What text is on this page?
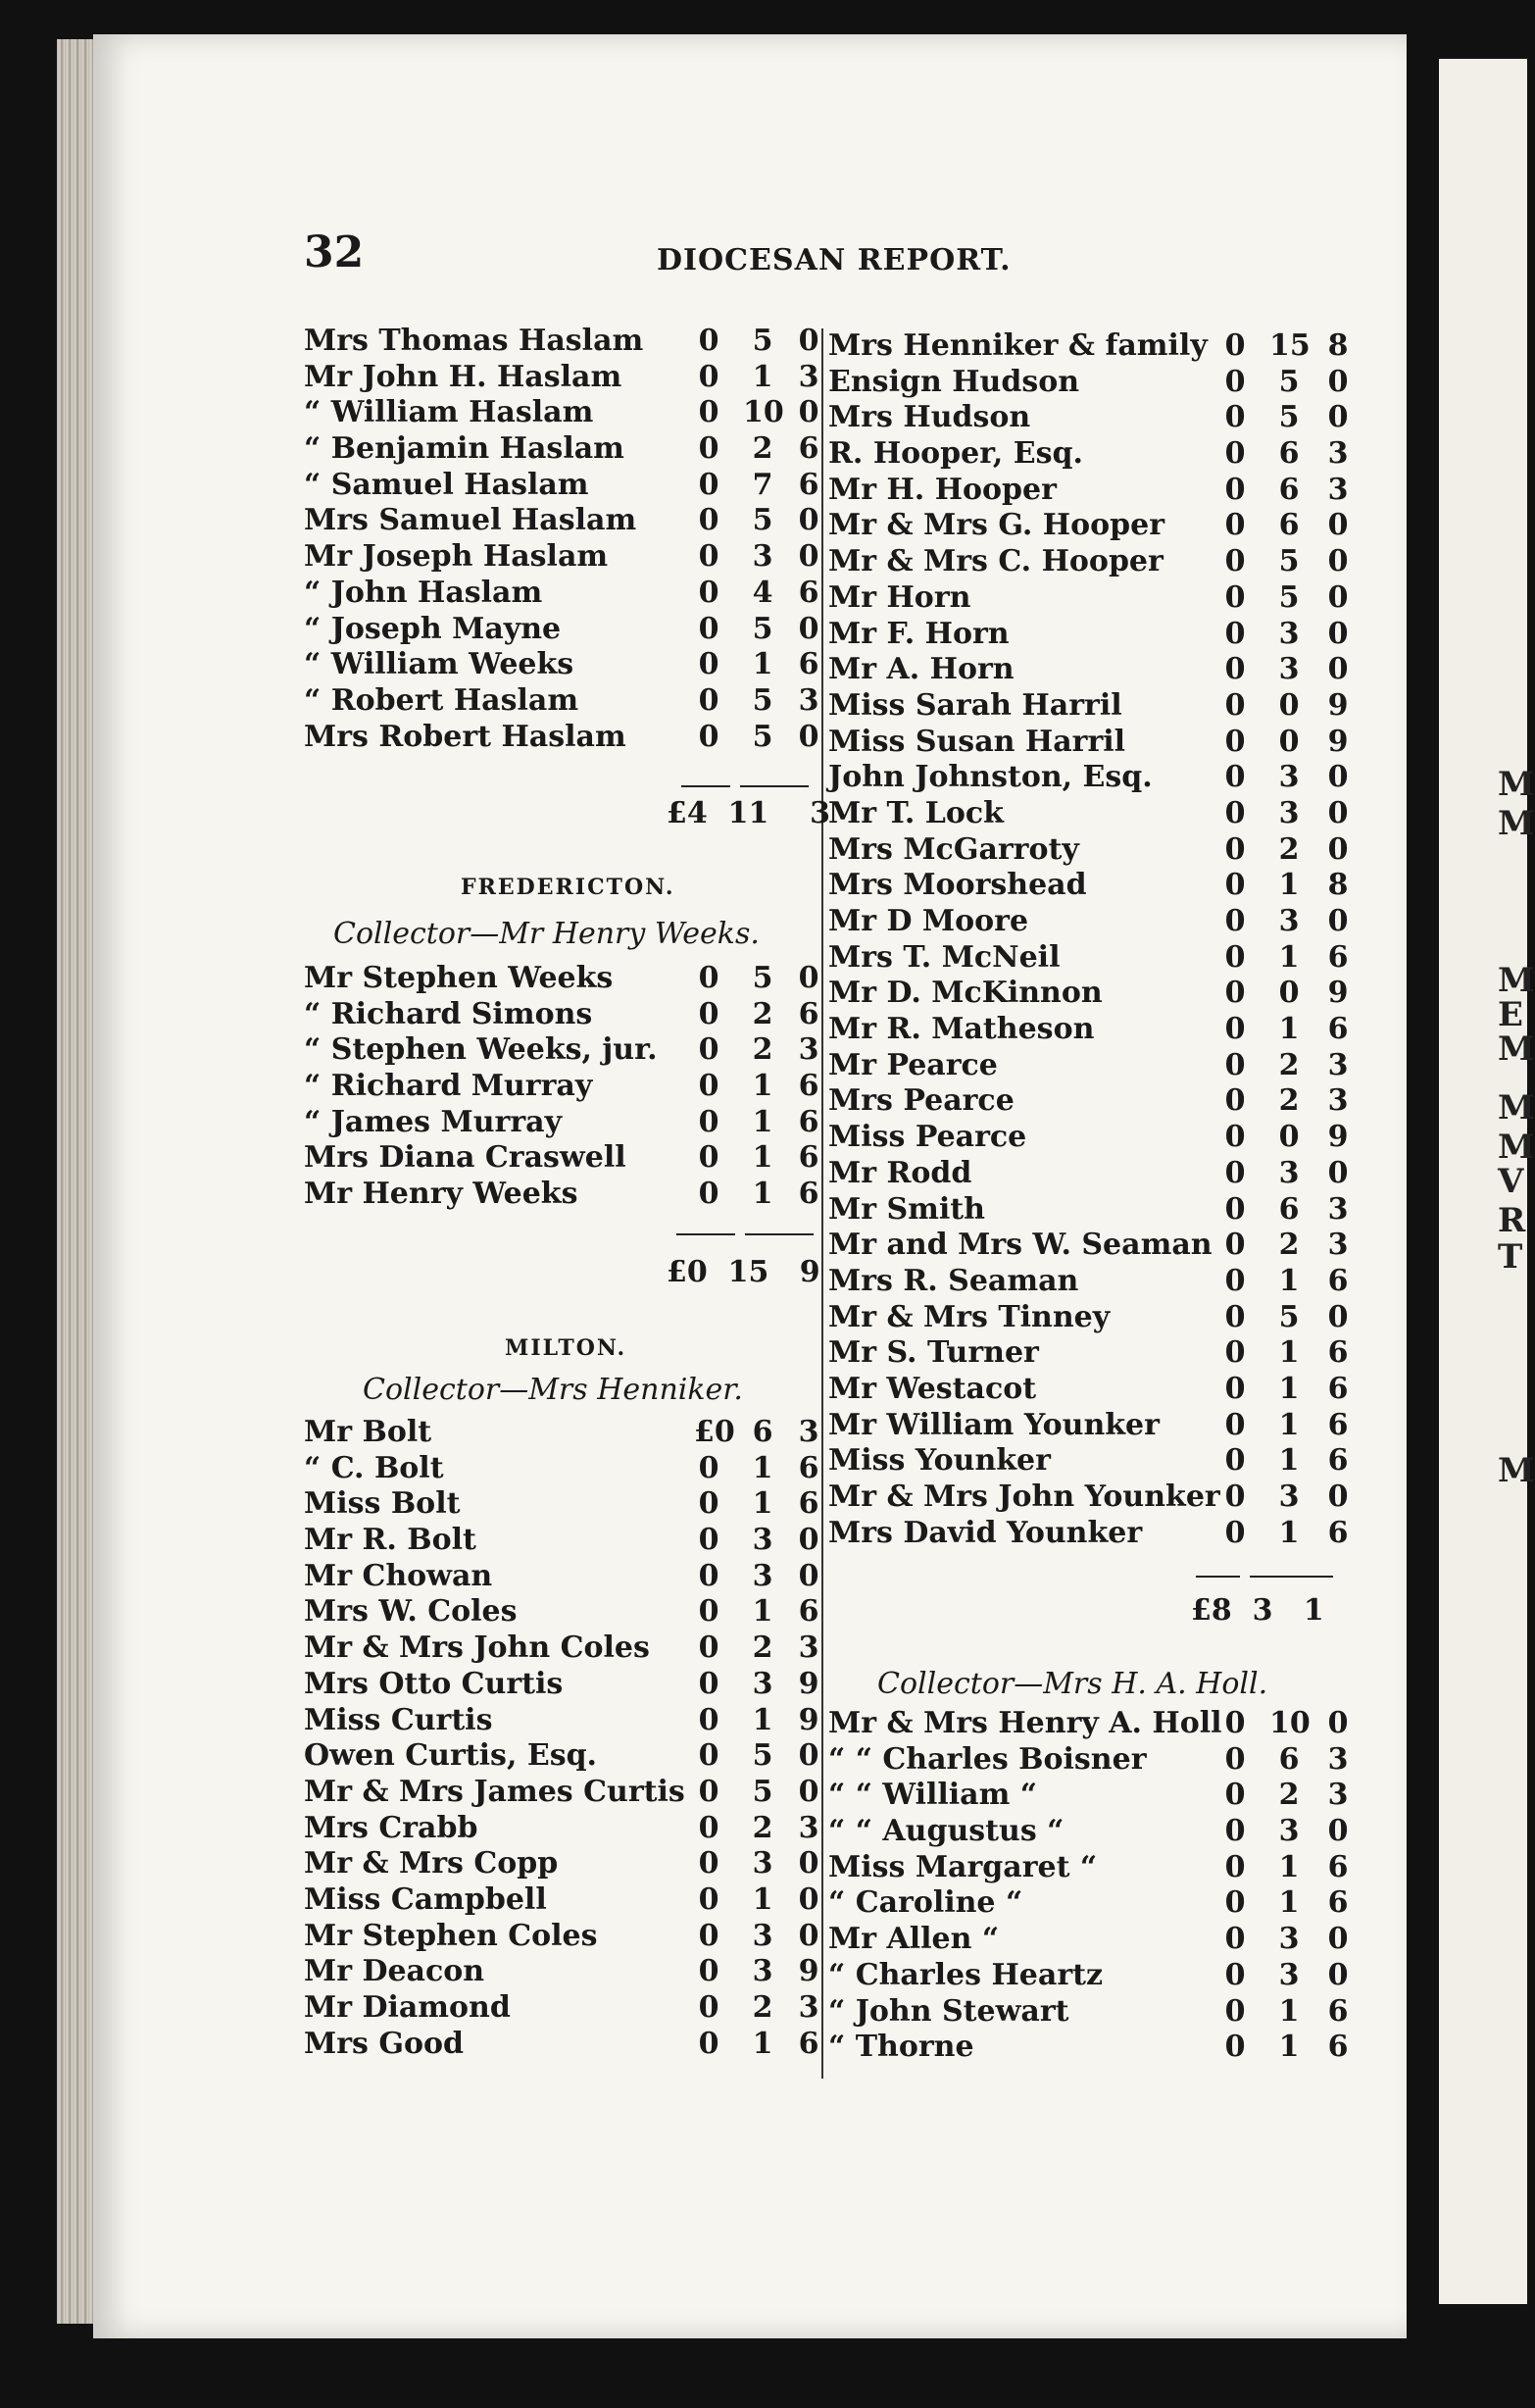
M
M
M
E
M
M
M
V
R
T
M
32	DIOCESAN REPORT.
Mrs Thomas Haslam 0	5 0
Mr John H. Haslam	0	1 3
“ William Haslam	0 10 0
“ Benjamin Haslam	0	2 6
“ Samuel Haslam	0	7 6
Mrs Samuel Haslam 0	5 0
Mr Joseph Haslam	0	3 0
“ John Haslam	0	4 6
“ Joseph Mayne	0	5 0
“ William Weeks	0	1 6
“ Robert Haslam	0	5 3
Mrs Robert Haslam 0	5 0
£4 11 3
FREDERICTON.
Collector—Mr Henry Weeks.
Mr Stephen Weeks	0	5 0
“ Richard Simons	0	2 6
“ Stephen Weeks, jur. 0	2 3
“ Richard Murray	0	1 6
“ James Murray	0	1 6
Mrs Diana Craswell 0	1 6
Mr Henry Weeks	0	1 6
£0 15 9
MILTON.
Collector—Mrs Henniker.
Mr Bolt	£0 6 3
“ C. Bolt	0	1 6
Miss Bolt	0	1 6
Mr R. Bolt	0	3 0
Mr Chowan	0	3 0
Mrs W. Coles	0	1 6
Mr & Mrs John Coles 0	2 3
Mrs Otto Curtis	0	3 9
Miss Curtis	0	1 9
Owen Curtis, Esq.	0	5 0
Mr & Mrs James Curtis 0	5 0
Mrs Crabb	0	2 3
Mr & Mrs Copp	0	3 0
Miss Campbell	0	1 0
Mr Stephen Coles	0	3 0
Mr Deacon	0	3 9
Mr Diamond	0	2 3
Mrs Good	0	1 6
Mrs Henniker & family 0 15 8
Ensign Hudson	0	5 0
Mrs Hudson	0	5 0
R. Hooper, Esq.	0	6 3
Mr H. Hooper	0	6 3
Mr & Mrs G. Hooper 0	6 0
Mr & Mrs C. Hooper 0	5 0
Mr Horn	0	5 0
Mr F. Horn	0	3 0
Mr A. Horn	0	3 0
Miss Sarah Harril	0	0 9
Miss Susan Harril	0	0 9
John Johnston, Esq. 0	3 0
Mr T. Lock	0	3 0
Mrs McGarroty	0	2 0
Mrs Moorshead	0	1 8
Mr D Moore	0	3 0
Mrs T. McNeil	0	1 6
Mr D. McKinnon	0	0 9
Mr R. Matheson	0	1 6
Mr Pearce	0	2 3
Mrs Pearce	0	2 3
Miss Pearce	0	0 9
Mr Rodd	0	3 0
Mr Smith	0	6 3
Mr and Mrs W. Seaman 0	2 3
Mrs R. Seaman	0	1 6
Mr & Mrs Tinney	0	5 0
Mr S. Turner	0	1 6
Mr Westacot	0	1 6
Mr William Younker 0	1 6
Miss Younker	0	1 6
Mr & Mrs John Younker 0	3 0
Mrs David Younker	0	1 6
£8 3 1
Collector—Mrs H. A. Holl.
Mr & Mrs Henry A. Holl 0 10 0
“ “ Charles Boisner	0	6 3
“ “ William “	0	2 3
“ “ Augustus “	0	3 0
Miss Margaret “	0	1 6
“ Caroline “	0	1 6
Mr Allen “	0	3 0
“ Charles Heartz	0	3 0
“ John Stewart	0	1 6
“ Thorne	0	1 6
